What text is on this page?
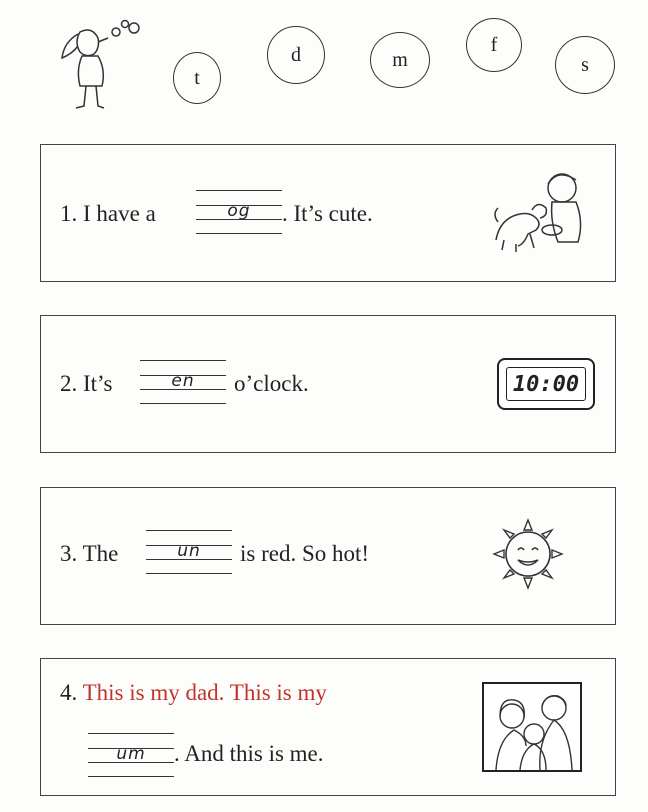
t
d	m
f
s
1. I have a	og	. It’s cute.
2. It’s	en	o’clock.	10:00
3. The	un	is red. So hot!
4. This is my dad. This is my
um	. And this is me.
